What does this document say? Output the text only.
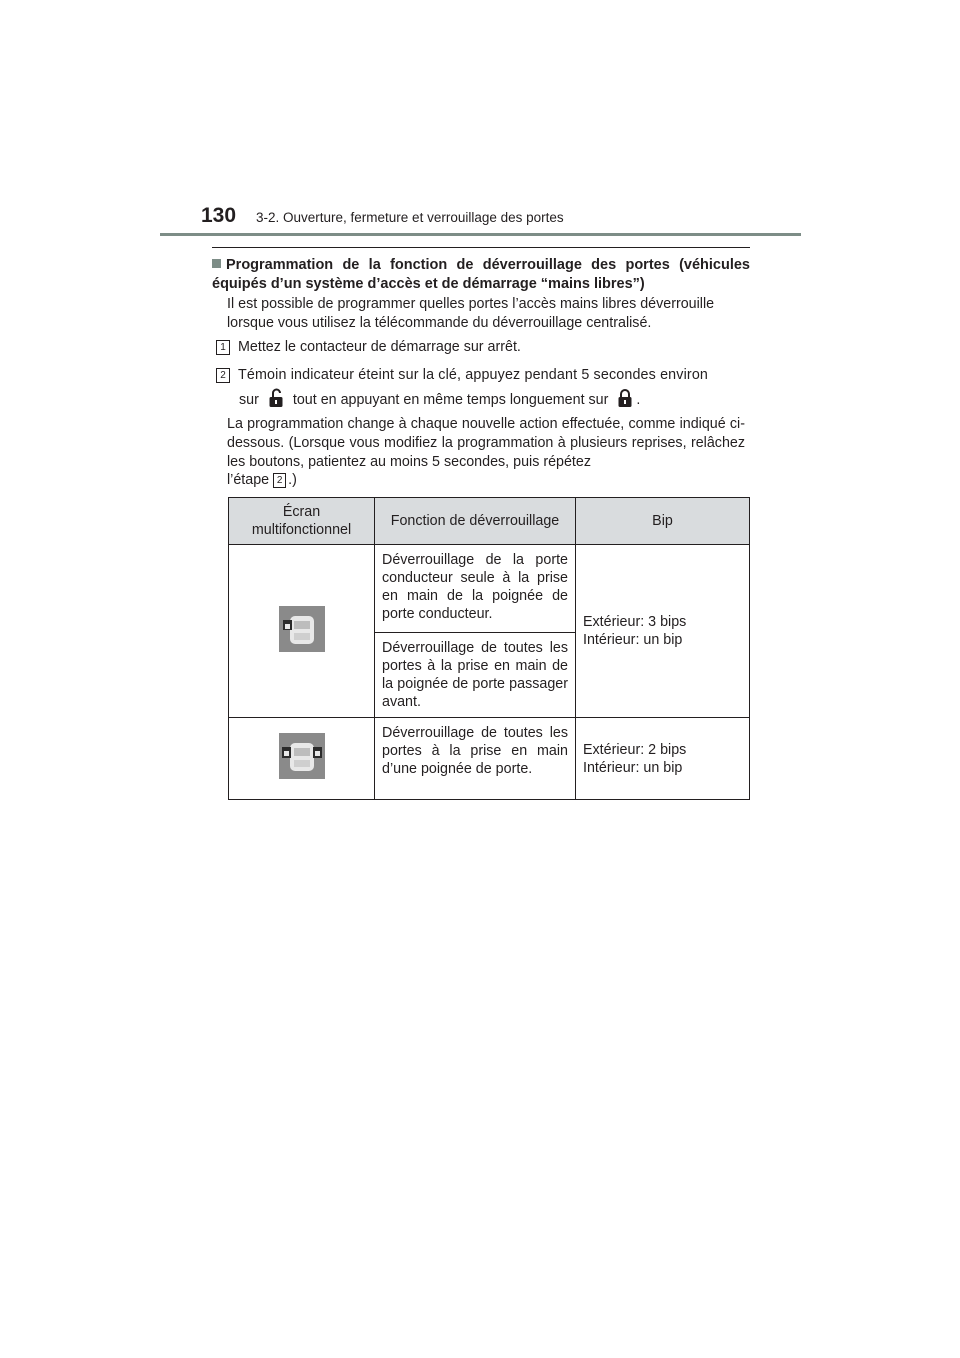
130 3-2. Ouverture, fermeture et verrouillage des portes
Programmation de la fonction de déverrouillage des portes (véhicules équipés d’un système d’accès et de démarrage “mains libres”)
Il est possible de programmer quelles portes l’accès mains libres déverrouille lorsque vous utilisez la télécommande du déverrouillage centralisé.
1 Mettez le contacteur de démarrage sur arrêt.
2 Témoin indicateur éteint sur la clé, appuyez pendant 5 secondes environ
sur tout en appuyant en même temps longuement sur .
La programmation change à chaque nouvelle action effectuée, comme indiqué ci-dessous. (Lorsque vous modifiez la programmation à plusieurs reprises, relâchez les boutons, patientez au moins 5 secondes, puis répétez
l’étape 2 .)
Écran multifonctionnel	Fonction de déverrouillage	Bip
	Déverrouillage de la porte conducteur seule à la prise en main de la poignée de porte conducteur.	Extérieur: 3 bips
Intérieur: un bip

	Déverrouillage de toutes les portes à la prise en main de la poignée de porte passager avant.	
	Déverrouillage de toutes les portes à la prise en main d’une poignée de porte.	Extérieur: 2 bips
Intérieur: un bip
